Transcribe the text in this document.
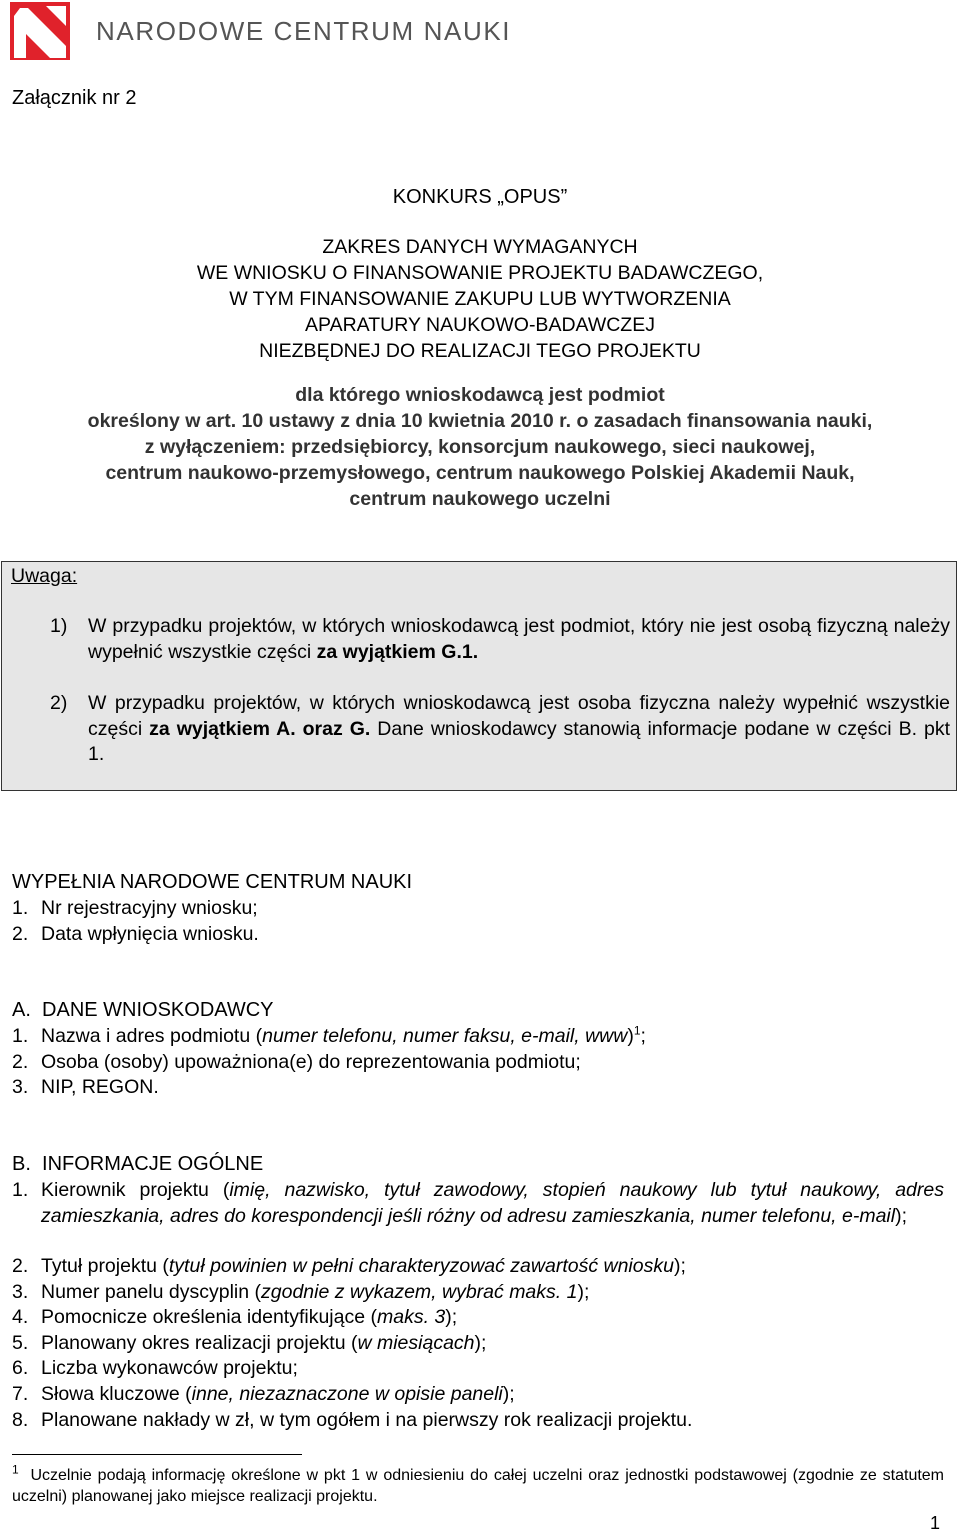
NARODOWE CENTRUM NAUKI
Załącznik nr 2
KONKURS „OPUS”
ZAKRES DANYCH WYMAGANYCH
WE WNIOSKU O FINANSOWANIE PROJEKTU BADAWCZEGO,
W TYM FINANSOWANIE ZAKUPU LUB WYTWORZENIA
APARATURY NAUKOWO-BADAWCZEJ
NIEZBĘDNEJ DO REALIZACJI TEGO PROJEKTU
dla którego wnioskodawcą jest podmiot
określony w art. 10 ustawy z dnia 10 kwietnia 2010 r. o zasadach finansowania nauki,
z wyłączeniem: przedsiębiorcy, konsorcjum naukowego, sieci naukowej,
centrum naukowo-przemysłowego, centrum naukowego Polskiej Akademii Nauk,
centrum naukowego uczelni
Uwaga:
1) W przypadku projektów, w których wnioskodawcą jest podmiot, który nie jest osobą fizyczną należy wypełnić wszystkie części za wyjątkiem G.1.
2) W przypadku projektów, w których wnioskodawcą jest osoba fizyczna należy wypełnić wszystkie części za wyjątkiem A. oraz G. Dane wnioskodawcy stanowią informacje podane w części B. pkt 1.
WYPEŁNIA NARODOWE CENTRUM NAUKI
1. Nr rejestracyjny wniosku;
2. Data wpłynięcia wniosku.
A. DANE WNIOSKODAWCY
1. Nazwa i adres podmiotu (numer telefonu, numer faksu, e-mail, www)$^1$;
2. Osoba (osoby) upoważniona(e) do reprezentowania podmiotu;
3. NIP, REGON.
B. INFORMACJE OGÓLNE
1. Kierownik projektu (imię, nazwisko, tytuł zawodowy, stopień naukowy lub tytuł naukowy, adres zamieszkania, adres do korespondencji jeśli różny od adresu zamieszkania, numer telefonu, e-mail);
2. Tytuł projektu (tytuł powinien w pełni charakteryzować zawartość wniosku);
3. Numer panelu dyscyplin (zgodnie z wykazem, wybrać maks. 1);
4. Pomocnicze określenia identyfikujące (maks. 3);
5. Planowany okres realizacji projektu (w miesiącach);
6. Liczba wykonawców projektu;
7. Słowa kluczowe (inne, niezaznaczone w opisie paneli);
8. Planowane nakłady w zł, w tym ogółem i na pierwszy rok realizacji projektu.
$^1$ Uczelnie podają informację określone w pkt 1 w odniesieniu do całej uczelni oraz jednostki podstawowej (zgodnie ze statutem uczelni) planowanej jako miejsce realizacji projektu.
1
